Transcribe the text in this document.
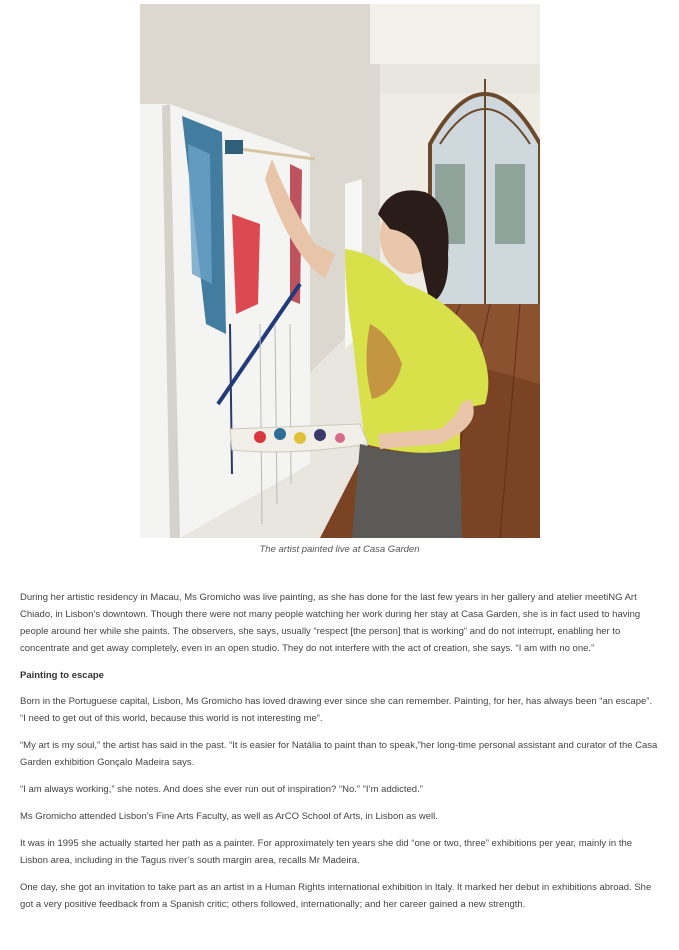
The artist painted live at Casa Garden

During her artistic residency in Macau, Ms Gromicho was live painting, as she has done for the last few years in her gallery and atelier meetiNG Art Chiado, in Lisbon’s downtown. Though there were not many people watching her work during her stay at Casa Garden, she is in fact used to having people around her while she paints. The observers, she says, usually “respect [the person] that is working” and do not interrupt, enabling her to concentrate and get away completely, even in an open studio. They do not interfere with the act of creation, she says. “I am with no one.”

Painting to escape

Born in the Portuguese capital, Lisbon, Ms Gromicho has loved drawing ever since she can remember. Painting, for her, has always been “an escape”. “I need to get out of this world, because this world is not interesting me”.

“My art is my soul,” the artist has said in the past. “It is easier for Natália to paint than to speak,”her long-time personal assistant and curator of the Casa Garden exhibition Gonçalo Madeira says.

“I am always working,” she notes. And does she ever run out of inspiration? “No.” “I’m addicted.”

Ms Gromicho attended Lisbon’s Fine Arts Faculty, as well as ArCO School of Arts, in Lisbon as well.

It was in 1995 she actually started her path as a painter. For approximately ten years she did “one or two, three” exhibitions per year, mainly in the Lisbon area, including in the Tagus river’s south margin area, recalls Mr Madeira.

One day, she got an invitation to take part as an artist in a Human Rights international exhibition in Italy. It marked her debut in exhibitions abroad. She got a very positive feedback from a Spanish critic; others followed, internationally; and her career gained a new strength.
